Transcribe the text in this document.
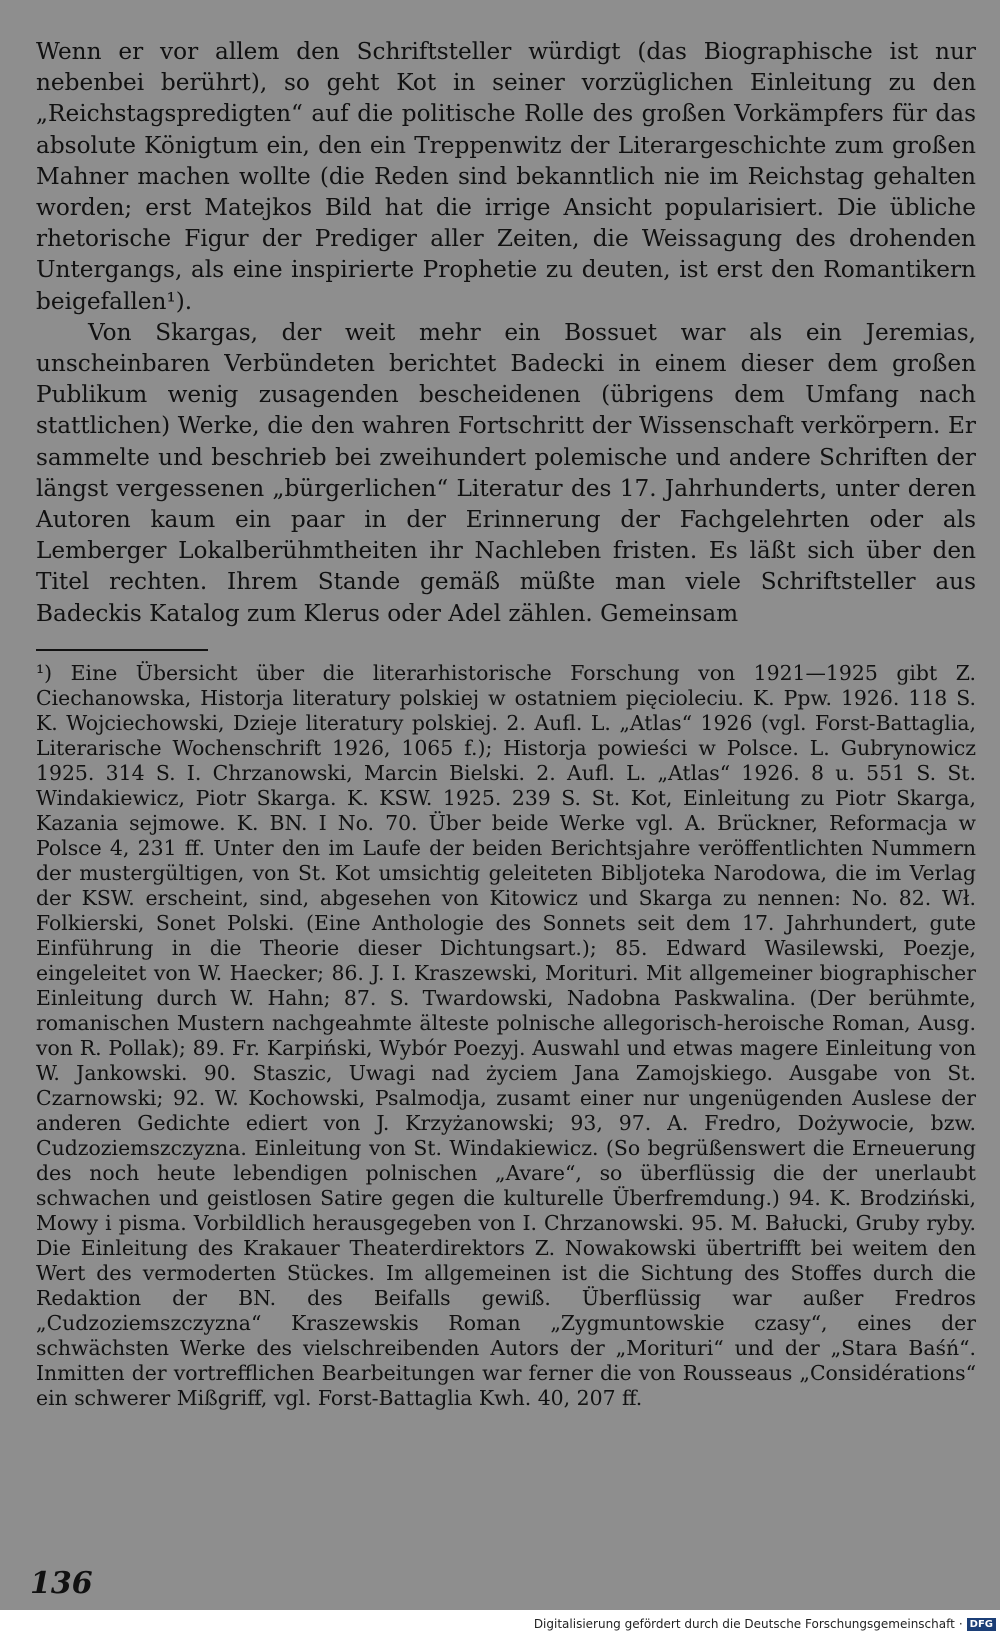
Wenn er vor allem den Schriftsteller würdigt (das Biographische ist nur nebenbei berührt), so geht Kot in seiner vorzüglichen Einleitung zu den „Reichstagspredigten“ auf die politische Rolle des großen Vorkämpfers für das absolute Königtum ein, den ein Treppenwitz der Literargeschichte zum großen Mahner machen wollte (die Reden sind bekanntlich nie im Reichstag gehalten worden; erst Matejkos Bild hat die irrige Ansicht popularisiert. Die übliche rhetorische Figur der Prediger aller Zeiten, die Weissagung des drohenden Untergangs, als eine inspirierte Prophetie zu deuten, ist erst den Romantikern beigefallen¹).

Von Skargas, der weit mehr ein Bossuet war als ein Jeremias, unscheinbaren Verbündeten berichtet Badecki in einem dieser dem großen Publikum wenig zusagenden bescheidenen (übrigens dem Umfang nach stattlichen) Werke, die den wahren Fortschritt der Wissenschaft verkörpern. Er sammelte und beschrieb bei zweihundert polemische und andere Schriften der längst vergessenen „bürgerlichen“ Literatur des 17. Jahrhunderts, unter deren Autoren kaum ein paar in der Erinnerung der Fachgelehrten oder als Lemberger Lokalberühmtheiten ihr Nachleben fristen. Es läßt sich über den Titel rechten. Ihrem Stande gemäß müßte man viele Schriftsteller aus Badeckis Katalog zum Klerus oder Adel zählen. Gemeinsam

¹) Eine Übersicht über die literarhistorische Forschung von 1921—1925 gibt Z. Ciechanowska, Historja literatury polskiej w ostatniem pięcioleciu. K. Ppw. 1926. 118 S. K. Wojciechowski, Dzieje literatury polskiej. 2. Aufl. L. „Atlas“ 1926 (vgl. Forst-Battaglia, Literarische Wochenschrift 1926, 1065 f.); Historja powieści w Polsce. L. Gubrynowicz 1925. 314 S. I. Chrzanowski, Marcin Bielski. 2. Aufl. L. „Atlas“ 1926. 8 u. 551 S. St. Windakiewicz, Piotr Skarga. K. KSW. 1925. 239 S. St. Kot, Einleitung zu Piotr Skarga, Kazania sejmowe. K. BN. I No. 70. Über beide Werke vgl. A. Brückner, Reformacja w Polsce 4, 231 ff. Unter den im Laufe der beiden Berichtsjahre veröffentlichten Nummern der mustergültigen, von St. Kot umsichtig geleiteten Bibljoteka Narodowa, die im Verlag der KSW. erscheint, sind, abgesehen von Kitowicz und Skarga zu nennen: No. 82. Wł. Folkierski, Sonet Polski. (Eine Anthologie des Sonnets seit dem 17. Jahrhundert, gute Einführung in die Theorie dieser Dichtungsart.); 85. Edward Wasilewski, Poezje, eingeleitet von W. Haecker; 86. J. I. Kraszewski, Morituri. Mit allgemeiner biographischer Einleitung durch W. Hahn; 87. S. Twardowski, Nadobna Paskwalina. (Der berühmte, romanischen Mustern nachgeahmte älteste polnische allegorisch-heroische Roman, Ausg. von R. Pollak); 89. Fr. Karpiński, Wybór Poezyj. Auswahl und etwas magere Einleitung von W. Jankowski. 90. Staszic, Uwagi nad życiem Jana Zamojskiego. Ausgabe von St. Czarnowski; 92. W. Kochowski, Psalmodja, zusamt einer nur ungenügenden Auslese der anderen Gedichte ediert von J. Krzyżanowski; 93, 97. A. Fredro, Dożywocie, bzw. Cudzoziemszczyzna. Einleitung von St. Windakiewicz. (So begrüßenswert die Erneuerung des noch heute lebendigen polnischen „Avare“, so überflüssig die der unerlaubt schwachen und geistlosen Satire gegen die kulturelle Überfremdung.) 94. K. Brodziński, Mowy i pisma. Vorbildlich herausgegeben von I. Chrzanowski. 95. M. Bałucki, Gruby ryby. Die Einleitung des Krakauer Theaterdirektors Z. Nowakowski übertrifft bei weitem den Wert des vermoderten Stückes. Im allgemeinen ist die Sichtung des Stoffes durch die Redaktion der BN. des Beifalls gewiß. Überflüssig war außer Fredros „Cudzoziemszczyzna“ Kraszewskis Roman „Zygmuntowskie czasy“, eines der schwächsten Werke des vielschreibenden Autors der „Morituri“ und der „Stara Baśń“. Inmitten der vortrefflichen Bearbeitungen war ferner die von Rousseaus „Considérations“ ein schwerer Mißgriff, vgl. Forst-Battaglia Kwh. 40, 207 ff.

136
Digitalisierung gefördert durch die Deutsche Forschungsgemeinschaft · DFG
